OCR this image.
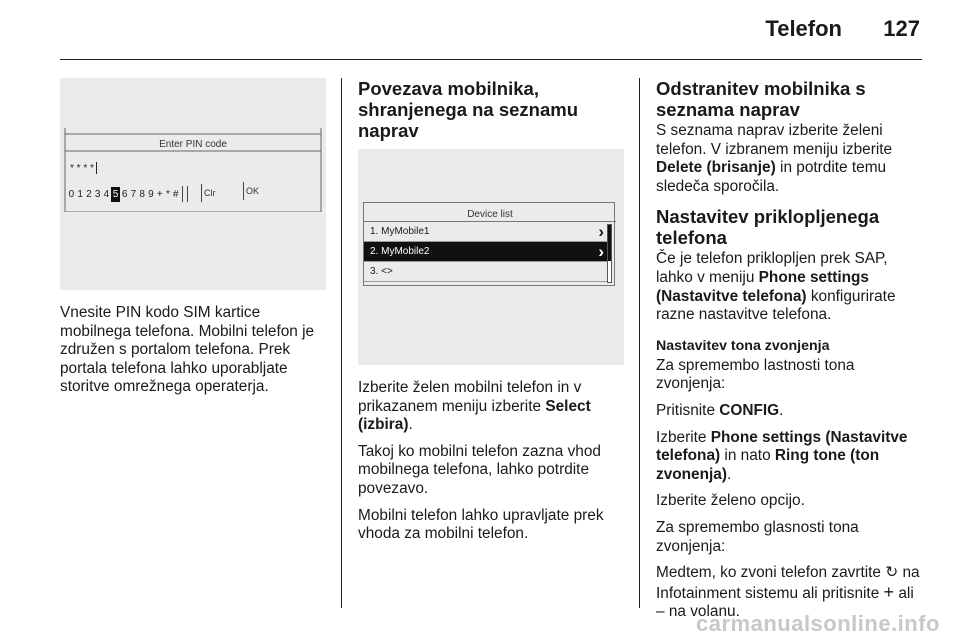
Telefon 127
Enter PIN code
* * * *
0 1 2 3 4 5 6 7 8 9 + * #	Clr	OK

Vnesite PIN kodo SIM kartice mobilnega telefona. Mobilni telefon je združen s portalom telefona. Prek portala telefona lahko uporabljate storitve omrežnega operaterja.

Povezava mobilnika, shranjenega na seznamu naprav
Device list
1. MyMobile1	›
2. MyMobile2	›
3. <>

Izberite želen mobilni telefon in v prikazanem meniju izberite Select (izbira).

Takoj ko mobilni telefon zazna vhod mobilnega telefona, lahko potrdite povezavo.

Mobilni telefon lahko upravljate prek vhoda za mobilni telefon.

Odstranitev mobilnika s seznama naprav

S seznama naprav izberite želeni telefon. V izbranem meniju izberite Delete (brisanje) in potrdite temu sledeča sporočila.

Nastavitev priklopljenega telefona

Če je telefon priklopljen prek SAP, lahko v meniju Phone settings (Nastavitve telefona) konfigurirate razne nastavitve telefona.

Nastavitev tona zvonjenja

Za spremembo lastnosti tona zvonjenja:

Pritisnite CONFIG.

Izberite Phone settings (Nastavitve telefona) in nato Ring tone (ton zvonenja).

Izberite želeno opcijo.

Za spremembo glasnosti tona zvonjenja:

Medtem, ko zvoni telefon zavrtite ↻ na Infotainment sistemu ali pritisnite + ali – na volanu.

carmanualsonline.info
